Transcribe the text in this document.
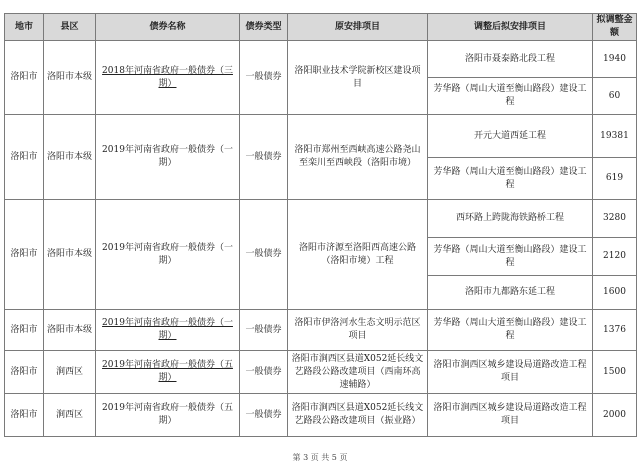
地市	县区	债券名称	债券类型	原安排项目	调整后拟安排项目	拟调整金额
洛阳市	洛阳市本级	2018年河南省政府一般债券（三期）	一般债券	洛阳职业技术学院新校区建设项目	洛阳市聂泰路北段工程	1940
					芳华路（周山大道至衡山路段）建设工程	60
洛阳市	洛阳市本级	2019年河南省政府一般债券（一期）	一般债券	洛阳市郑州至西峡高速公路尧山至栾川至西峡段（洛阳市境）	开元大道西延工程	19381
					芳华路（周山大道至衡山路段）建设工程	619
洛阳市	洛阳市本级	2019年河南省政府一般债券（一期）	一般债券	洛阳市济源至洛阳西高速公路（洛阳市境）工程	西环路上跨陇海铁路桥工程	3280
					芳华路（周山大道至衡山路段）建设工程	2120
					洛阳市九都路东延工程	1600
洛阳市	洛阳市本级	2019年河南省政府一般债券（一期）	一般债券	洛阳市伊洛河水生态文明示范区项目	芳华路（周山大道至衡山路段）建设工程	1376
洛阳市	涧西区	2019年河南省政府一般债券（五期）	一般债券	洛阳市涧西区县道X052延长线文艺路段公路改建项目（西南环高速辅路）	洛阳市涧西区城乡建设局道路改造工程项目	1500
洛阳市	涧西区	2019年河南省政府一般债券（五期）	一般债券	洛阳市涧西区县道X052延长线文艺路段公路改建项目（振业路）	洛阳市涧西区城乡建设局道路改造工程项目	2000
第 3 页 共 5 页
